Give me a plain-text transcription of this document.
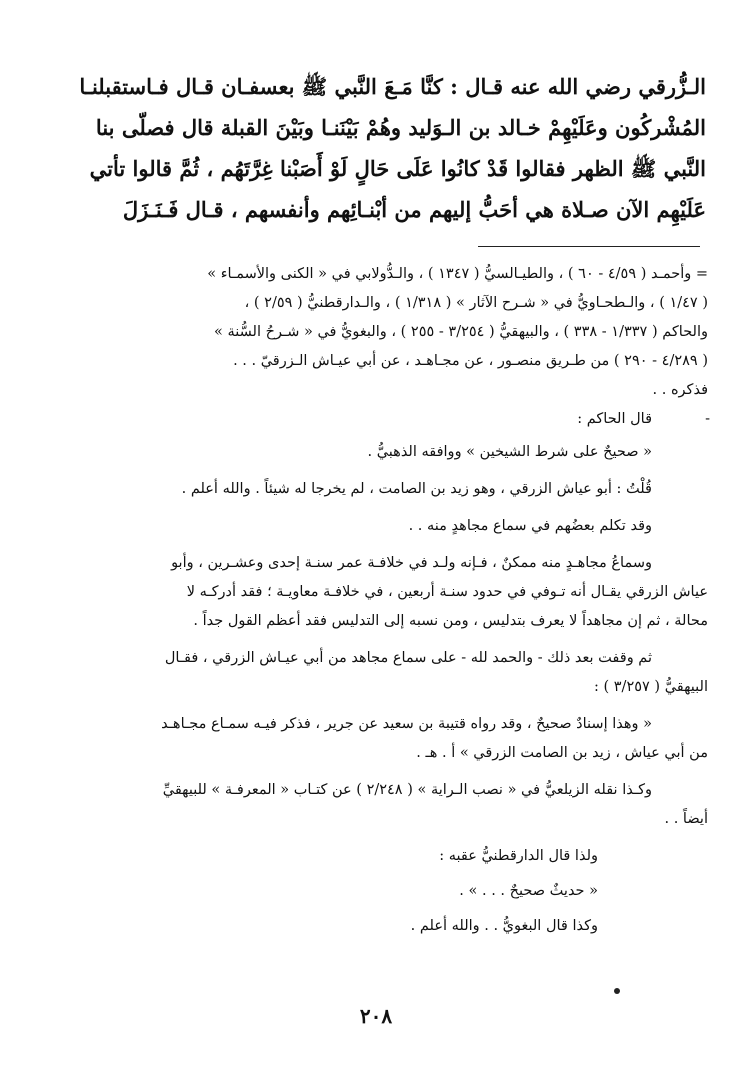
الـزُّرقي رضي الله عنه قـال : كنَّا مَـعَ النَّبي ﷺ بعسفـان قـال فـاستقبلنـا
المُشْركُون وعَلَيْهِمْ خـالد بن الـوَليد وهُمْ بَيْنَنـا وبَيْنَ القبلة قال فصلّى بنا
النَّبي ﷺ الظهر فقالوا قَدْ كانُوا عَلَى حَالٍ لَوْ أَصَبْنا غِرَّتَهُم ، ثُمَّ قالوا تأتي
عَلَيْهِم الآن صـلاة هي أحَبُّ إليهم من أبْنـائِهم وأنفسهم ، قـال فَـنَـزَلَ

= وأحمـد ( ٤/٥٩ - ٦٠ ) ، والطيـالسيُّ ( ١٣٤٧ ) ، والـدُّولابي في « الكنى والأسمـاء »
( ١/٤٧ ) ، والـطحـاويُّ في « شـرح الآثار » ( ١/٣١٨ ) ، والـدارقطنيُّ ( ٢/٥٩ ) ،
والحاكم ( ١/٣٣٧ - ٣٣٨ ) ، والبيهقيُّ ( ٣/٢٥٤ - ٢٥٥ ) ، والبغويُّ في « شـرحُ السُّنة »
( ٤/٢٨٩ - ٢٩٠ ) من طـريق منصـور ، عن مجـاهـد ، عن أبي عيـاش الـزرقيّ . . .
فذكره . .

-
قال الحاكم :
« صحيحٌ على شرط الشيخين » ووافقه الذهبيُّ .

قُلْتُ : أبو عياش الزرقي ، وهو زيد بن الصامت ، لم يخرجا له شيئاً . والله أعلم .

وقد تكلم بعضُهم في سماع مجاهدٍ منه . .

وسماعُ مجاهـدٍ منه ممكنٌ ، فـإنه ولـد في خلافـة عمر سنـة إحدى وعشـرين ، وأبو
عياش الزرقي يقـال أنه تـوفي في حدود سنـة أربعين ، في خلافـة معاويـة ؛ فقد أدركـه لا
محالة ، ثم إن مجاهداً لا يعرف بتدليس ، ومن نسبه إلى التدليس فقد أعظم القول جداً .

ثم وقفت بعد ذلك - والحمد لله - على سماع مجاهد من أبي عيـاش الزرقي ، فقـال
البيهقيُّ ( ٣/٢٥٧ ) :

« وهذا إسنادٌ صحيحٌ ، وقد رواه قتيبة بن سعيد عن جرير ، فذكر فيـه سمـاع مجـاهـد
من أبي عياش ، زيد بن الصامت الزرقي » أ . هـ .

وكـذا نقله الزيلعيُّ في « نصب الـراية » ( ٢/٢٤٨ ) عن كتـاب « المعرفـة » للبيهقيِّ
أيضاً . .

ولذا قال الدارقطنيُّ عقبه :
« حديثٌ صحيحٌ . . . » .
وكذا قال البغويُّ . . والله أعلم .

٢٠٨
